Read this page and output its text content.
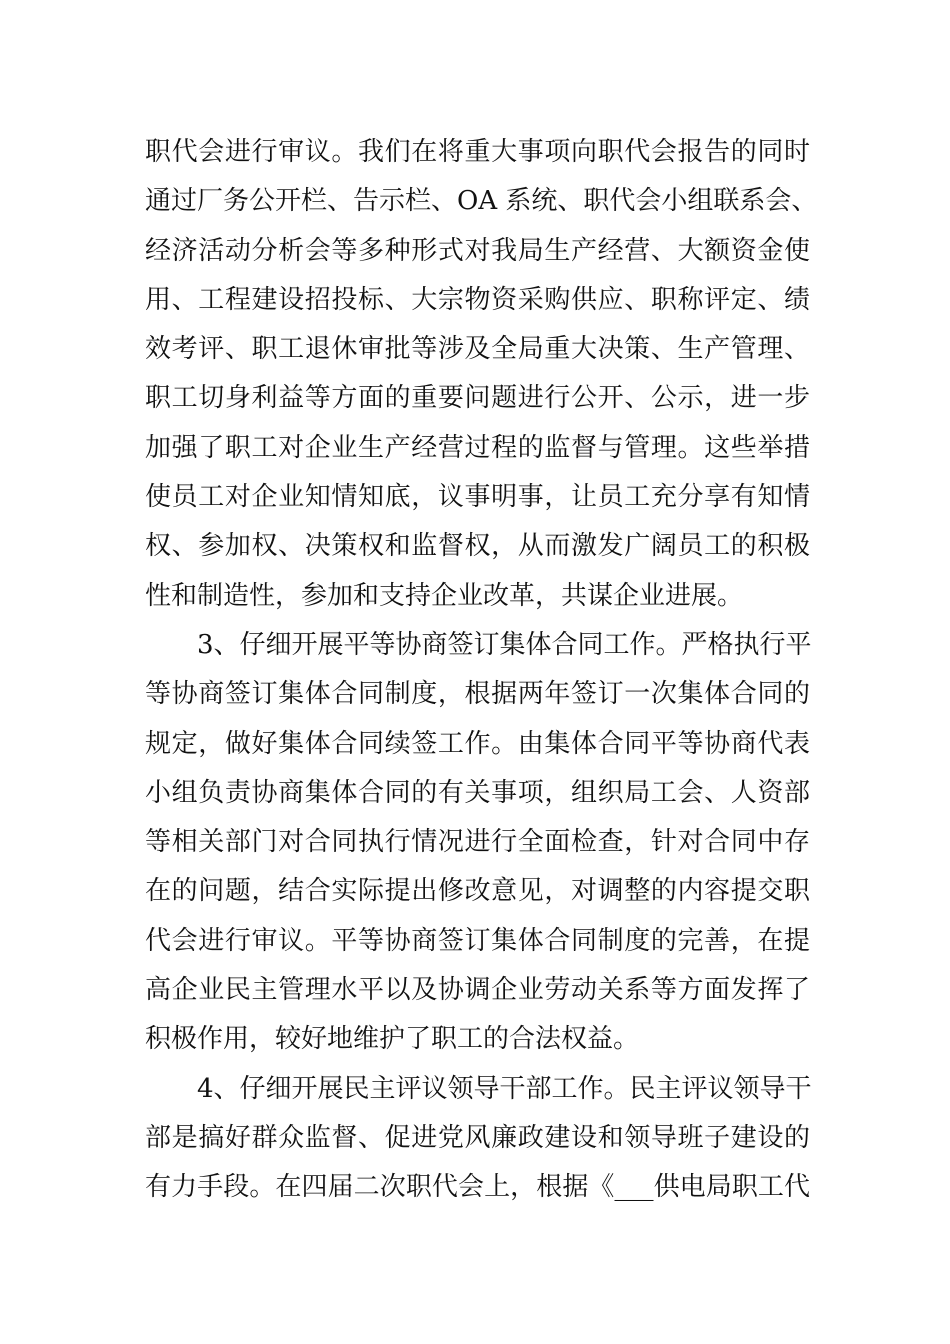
职代会进行审议。我们在将重大事项向职代会报告的同时
通过厂务公开栏、告示栏、OA 系统、职代会小组联系会、
经济活动分析会等多种形式对我局生产经营、大额资金使
用、工程建设招投标、大宗物资采购供应、职称评定、绩
效考评、职工退休审批等涉及全局重大决策、生产管理、
职工切身利益等方面的重要问题进行公开、公示，进一步
加强了职工对企业生产经营过程的监督与管理。这些举措
使员工对企业知情知底，议事明事，让员工充分享有知情
权、参加权、决策权和监督权，从而激发广阔员工的积极
性和制造性，参加和支持企业改革，共谋企业进展。
3、仔细开展平等协商签订集体合同工作。严格执行平
等协商签订集体合同制度，根据两年签订一次集体合同的
规定，做好集体合同续签工作。由集体合同平等协商代表
小组负责协商集体合同的有关事项，组织局工会、人资部
等相关部门对合同执行情况进行全面检查，针对合同中存
在的问题，结合实际提出修改意见，对调整的内容提交职
代会进行审议。平等协商签订集体合同制度的完善，在提
高企业民主管理水平以及协调企业劳动关系等方面发挥了
积极作用，较好地维护了职工的合法权益。
4、仔细开展民主评议领导干部工作。民主评议领导干
部是搞好群众监督、促进党风廉政建设和领导班子建设的
有力手段。在四届二次职代会上，根据《___供电局职工代
